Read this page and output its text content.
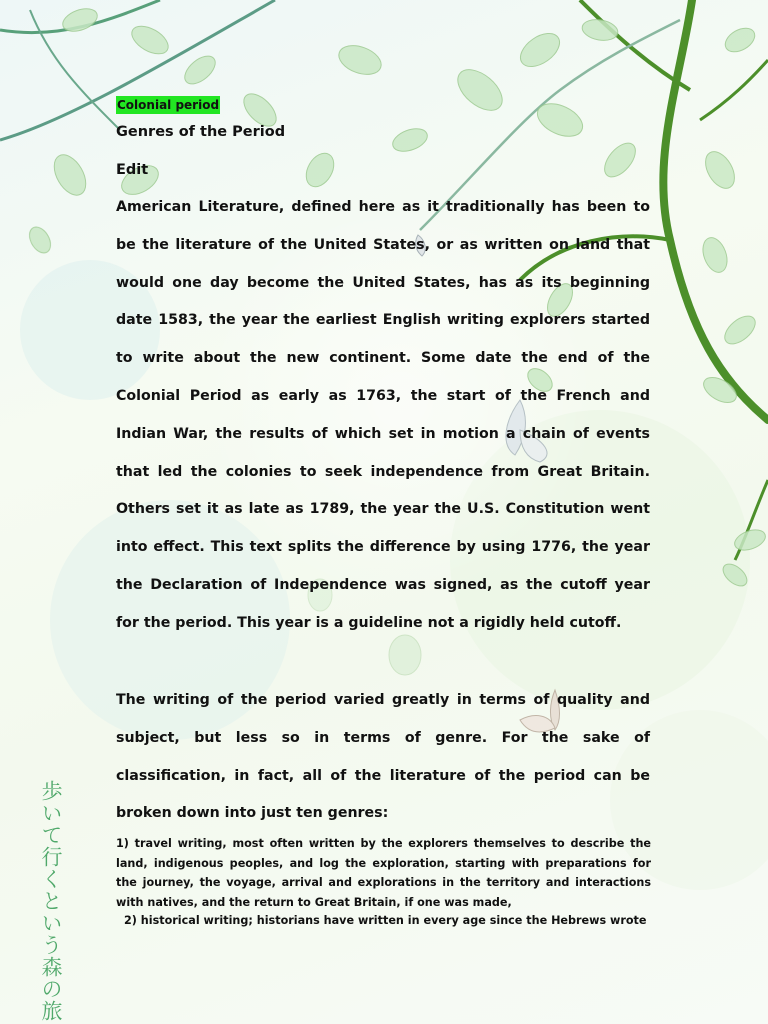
Colonial period
Genres of the Period
Edit

American Literature, defined here as it traditionally has been to be the literature of the United States, or as written on land that would one day become the United States, has as its beginning date 1583, the year the earliest English writing explorers started to write about the new continent. Some date the end of the Colonial Period as early as 1763, the start of the French and Indian War, the results of which set in motion a chain of events that led the colonies to seek independence from Great Britain. Others set it as late as 1789, the year the U.S. Constitution went into effect. This text splits the difference by using 1776, the year the Declaration of Independence was signed, as the cutoff year for the period. This year is a guideline not a rigidly held cutoff.

The writing of the period varied greatly in terms of quality and subject, but less so in terms of genre. For the sake of classification, in fact, all of the literature of the period can be broken down into just ten genres:

1) travel writing, most often written by the explorers themselves to describe the land, indigenous peoples, and log the exploration, starting with preparations for the journey, the voyage, arrival and explorations in the territory and interactions with natives, and the return to Great Britain, if one was made,

2) historical writing; historians have written in every age since the Hebrews wrote

歩いて行くという森の旅
